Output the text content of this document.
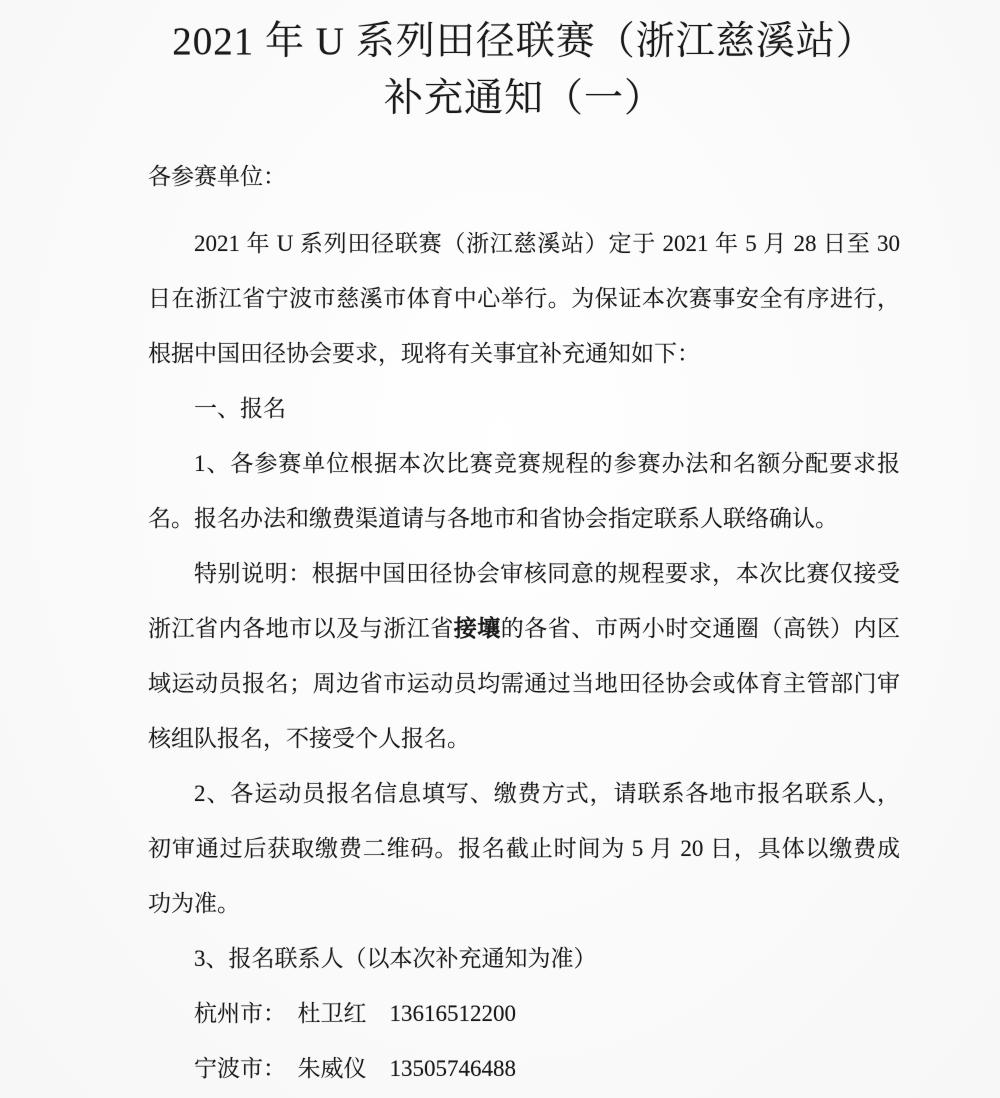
2021 年 U 系列田径联赛（浙江慈溪站）
补充通知（一）
各参赛单位：
2021 年 U 系列田径联赛（浙江慈溪站）定于 2021 年 5 月 28 日至 30
日在浙江省宁波市慈溪市体育中心举行。为保证本次赛事安全有序进行，
根据中国田径协会要求，现将有关事宜补充通知如下：
一、报名
1、各参赛单位根据本次比赛竞赛规程的参赛办法和名额分配要求报
名。报名办法和缴费渠道请与各地市和省协会指定联系人联络确认。
特别说明：根据中国田径协会审核同意的规程要求，本次比赛仅接受
浙江省内各地市以及与浙江省接壤的各省、市两小时交通圈（高铁）内区
域运动员报名；周边省市运动员均需通过当地田径协会或体育主管部门审
核组队报名，不接受个人报名。
2、各运动员报名信息填写、缴费方式，请联系各地市报名联系人，
初审通过后获取缴费二维码。报名截止时间为 5 月 20 日，具体以缴费成
功为准。
3、报名联系人（以本次补充通知为准）
杭州市：　杜卫红　13616512200
宁波市：　朱威仪　13505746488
